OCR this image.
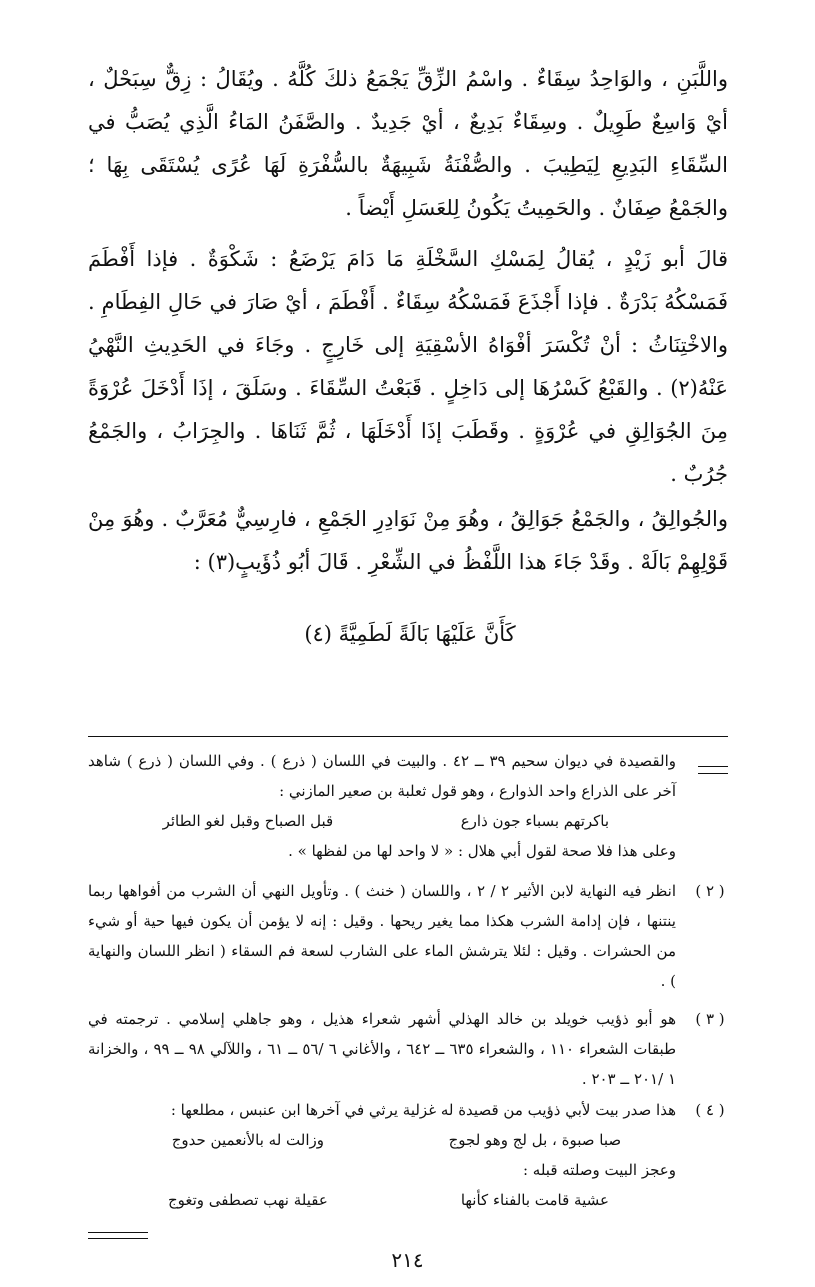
واللَّبَنِ ، والوَاحِدُ سِقَاءٌ . واسْمُ الزِّقِّ يَجْمَعُ ذلكَ كُلَّهُ . ويُقَالُ : زِقٌّ سِبَحْلٌ ، أيْ وَاسِعٌ طَوِيلٌ . وسِقَاءٌ بَدِيعٌ ، أيْ جَدِيدٌ . والصَّفَنُ المَاءُ الَّذِي يُصَبُّ في السِّقَاءِ البَدِيعِ لِيَطِيبَ . والصُّفْنَةُ شَبِيهَةٌ بالسُّفْرَةِ لَهَا عُرًى يُسْتَقَى بِهَا ؛ والجَمْعُ صِفَانٌ . والحَمِيتُ يَكُونُ لِلعَسَلِ أَيْضاً .
قالَ أبو زَيْدٍ ، يُقالُ لِمَسْكِ السَّخْلَةِ مَا دَامَ يَرْضَعُ : شَكْوَةٌ . فإذا أَفْطَمَ فَمَسْكُهُ بَدْرَةٌ . فإذا أَجْذَعَ فَمَسْكُهُ سِقَاءٌ . أَفْطَمَ ، أيْ صَارَ في حَالِ الفِطَامِ . والاخْتِنَاثُ : أنْ تُكْسَرَ أفْوَاهُ الأسْقِيَةِ إلى خَارِجٍ . وجَاءَ في الحَدِيثِ النَّهْيُ عَنْهُ(٢) . والقَبْعُ كَسْرُهَا إلى دَاخِلٍ . قَبَعْتُ السِّقَاءَ . وسَلَقَ ، إذَا أَدْخَلَ عُرْوَةً مِنَ الجُوَالِقِ في عُرْوَةٍ . وقَطَبَ إذَا أَدْخَلَهَا ، ثُمَّ ثَنَاهَا . والجِرَابُ ، والجَمْعُ جُرُبٌ .
والجُوالِقُ ، والجَمْعُ جَوَالِقُ ، وهُوَ مِنْ نَوَادِرِ الجَمْعِ ، فارِسِيٌّ مُعَرَّبٌ . وهُوَ مِنْ قَوْلِهِمْ بَالَهْ . وقَدْ جَاءَ هذا اللَّفْظُ في الشِّعْرِ . قَالَ أبُو ذُؤَيبٍ(٣) :
كَأَنَّ عَلَيْهَا بَالَةً لَطَمِيَّةً (٤)
والقصيدة في ديوان سحيم ٣٩ ــ ٤٢ . والبيت في اللسان ( ذرع ) . وفي اللسان ( ذرع ) شاهد آخر على الذراع واحد الذوارع ، وهو قول ثعلبة بن صعير المازني :
باكرتهم بسباء جون ذارع قبل الصباح وقبل لغو الطائر
وعلى هذا فلا صحة لقول أبي هلال : « لا واحد لها من لفظها » .
( ٢ )
انظر فيه النهاية لابن الأثير ٢ / ٢ ، واللسان ( خنث ) . وتأويل النهي أن الشرب من أفواهها ربما ينتنها ، فإن إدامة الشرب هكذا مما يغير ريحها . وقيل : إنه لا يؤمن أن يكون فيها حية أو شيء من الحشرات . وقيل : لئلا يترشش الماء على الشارب لسعة فم السقاء ( انظر اللسان والنهاية ) .
( ٣ )
هو أبو ذؤيب خويلد بن خالد الهذلي أشهر شعراء هذيل ، وهو جاهلي إسلامي . ترجمته في طبقات الشعراء ١١٠ ، والشعراء ٦٣٥ ــ ٦٤٢ ، والأغاني ٦ /٥٦ ــ ٦١ ، واللآلي ٩٨ ــ ٩٩ ، والخزانة ١ /٢٠١ ــ ٢٠٣ .
( ٤ )
هذا صدر بيت لأبي ذؤيب من قصيدة له غزلية يرثي في آخرها ابن عنبس ، مطلعها :
صبا صبوة ، بل لج وهو لجوج وزالت له بالأنعمين حدوج
وعجز البيت وصلته قبله :
عشية قامت بالفناء كأنها عقيلة نهب تصطفى وتغوج
٢١٤
